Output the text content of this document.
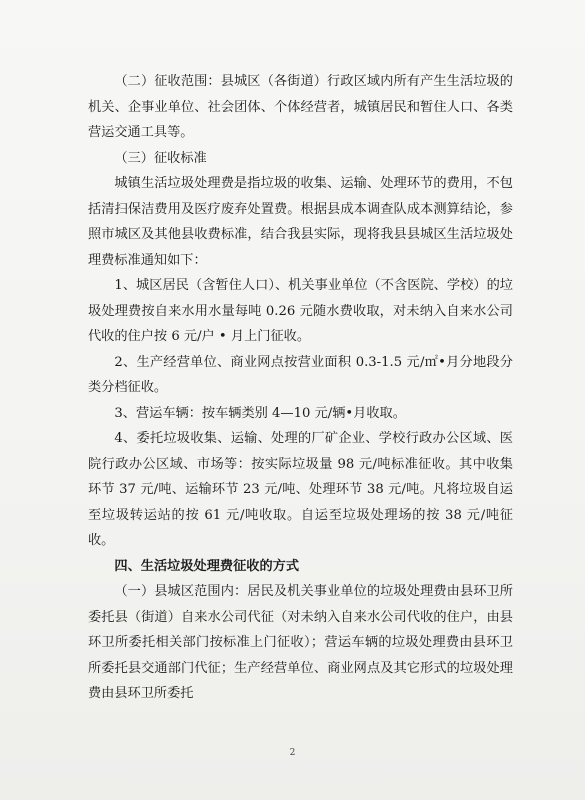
（二）征收范围：县城区（各街道）行政区域内所有产生生活垃圾的机关、企事业单位、社会团体、个体经营者，城镇居民和暂住人口、各类营运交通工具等。

（三）征收标准

城镇生活垃圾处理费是指垃圾的收集、运输、处理环节的费用，不包括清扫保洁费用及医疗废弃处置费。根据县成本调查队成本测算结论，参照市城区及其他县收费标准，结合我县实际，现将我县县城区生活垃圾处理费标准通知如下：

1、城区居民（含暂住人口）、机关事业单位（不含医院、学校）的垃圾处理费按自来水用水量每吨 0.26 元随水费收取，对未纳入自来水公司代收的住户按 6 元/户 • 月上门征收。

2、生产经营单位、商业网点按营业面积 0.3-1.5 元/㎡•月分地段分类分档征收。

3、营运车辆：按车辆类别 4—10 元/辆•月收取。

4、委托垃圾收集、运输、处理的厂矿企业、学校行政办公区域、医院行政办公区域、市场等：按实际垃圾量 98 元/吨标准征收。其中收集环节 37 元/吨、运输环节 23 元/吨、处理环节 38 元/吨。凡将垃圾自运至垃圾转运站的按 61 元/吨收取。自运至垃圾处理场的按 38 元/吨征收。

四、生活垃圾处理费征收的方式

（一）县城区范围内：居民及机关事业单位的垃圾处理费由县环卫所委托县（街道）自来水公司代征（对未纳入自来水公司代收的住户，由县环卫所委托相关部门按标准上门征收）；营运车辆的垃圾处理费由县环卫所委托县交通部门代征；生产经营单位、商业网点及其它形式的垃圾处理费由县环卫所委托

2
